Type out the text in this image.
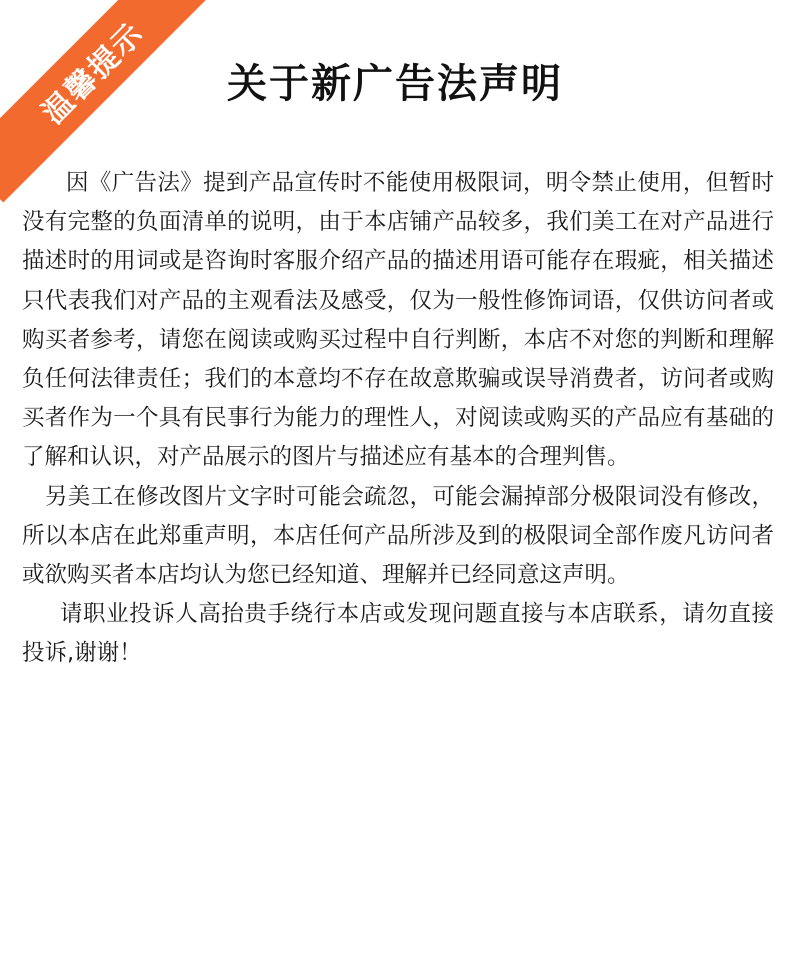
温馨提示	关于新广告法声明

因《广告法》提到产品宣传时不能使用极限词，明令禁止使用，但暂时没有完整的负面清单的说明，由于本店铺产品较多，我们美工在对产品进行描述时的用词或是咨询时客服介绍产品的描述用语可能存在瑕疵，相关描述只代表我们对产品的主观看法及感受，仅为一般性修饰词语，仅供访问者或购买者参考，请您在阅读或购买过程中自行判断，本店不对您的判断和理解负任何法律责任；我们的本意均不存在故意欺骗或误导消费者，访问者或购买者作为一个具有民事行为能力的理性人，对阅读或购买的产品应有基础的了解和认识，对产品展示的图片与描述应有基本的合理判售。

另美工在修改图片文字时可能会疏忽，可能会漏掉部分极限词没有修改，所以本店在此郑重声明，本店任何产品所涉及到的极限词全部作废凡访问者或欲购买者本店均认为您已经知道、理解并已经同意这声明。

请职业投诉人高抬贵手绕行本店或发现问题直接与本店联系，请勿直接投诉,谢谢！
